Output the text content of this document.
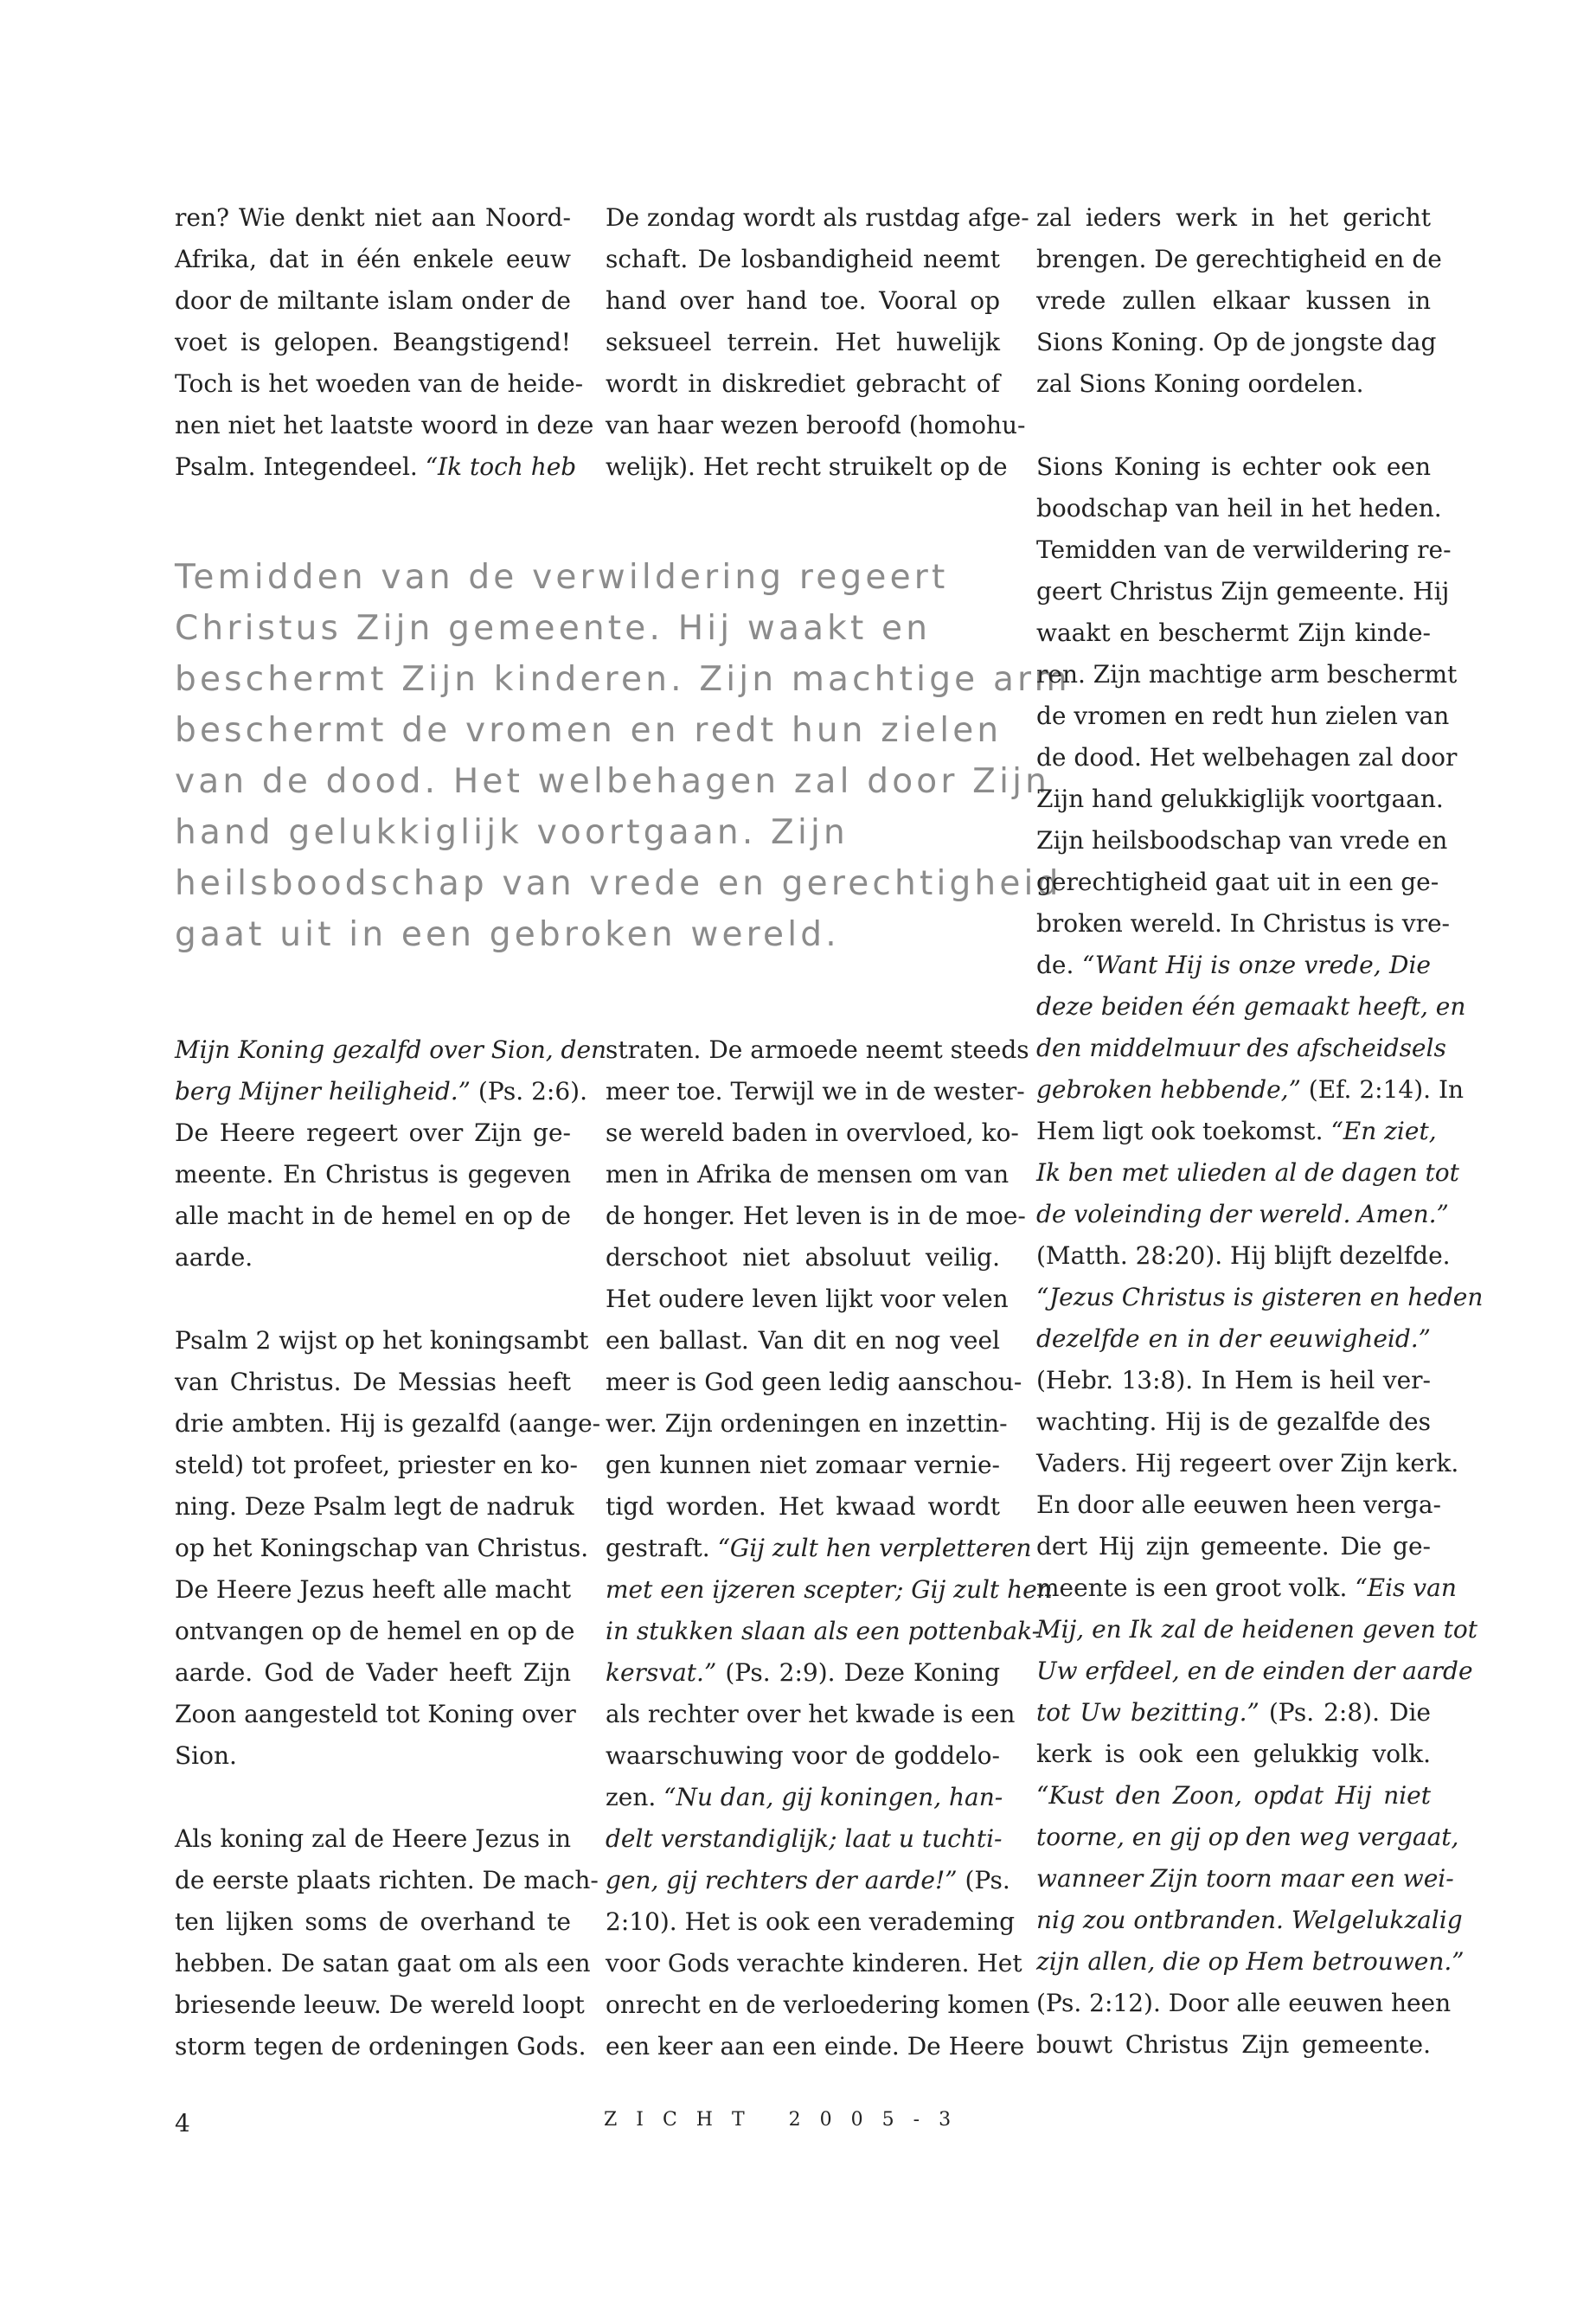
ren? Wie denkt niet aan Noord-
Afrika, dat in één enkele eeuw
door de miltante islam onder de
voet is gelopen. Beangstigend!
Toch is het woeden van de heide-
nen niet het laatste woord in deze
Psalm. Integendeel. “Ik toch heb

De zondag wordt als rustdag afge-
schaft. De losbandigheid neemt
hand over hand toe. Vooral op
seksueel terrein. Het huwelijk
wordt in diskrediet gebracht of
van haar wezen beroofd (homohu-
welijk). Het recht struikelt op de

Temidden van de verwildering regeert
Christus Zijn gemeente. Hij waakt en
beschermt Zijn kinderen. Zijn machtige arm
beschermt de vromen en redt hun zielen
van de dood. Het welbehagen zal door Zijn
hand gelukkiglijk voortgaan. Zijn
heilsboodschap van vrede en gerechtigheid
gaat uit in een gebroken wereld.

Mijn Koning gezalfd over Sion, den
berg Mijner heiligheid.” (Ps. 2:6).
De Heere regeert over Zijn ge-
meente. En Christus is gegeven
alle macht in de hemel en op de
aarde.

Psalm 2 wijst op het koningsambt
van Christus. De Messias heeft
drie ambten. Hij is gezalfd (aange-
steld) tot profeet, priester en ko-
ning. Deze Psalm legt de nadruk
op het Koningschap van Christus.
De Heere Jezus heeft alle macht
ontvangen op de hemel en op de
aarde. God de Vader heeft Zijn
Zoon aangesteld tot Koning over
Sion.

Als koning zal de Heere Jezus in
de eerste plaats richten. De mach-
ten lijken soms de overhand te
hebben. De satan gaat om als een
briesende leeuw. De wereld loopt
storm tegen de ordeningen Gods.

straten. De armoede neemt steeds
meer toe. Terwijl we in de wester-
se wereld baden in overvloed, ko-
men in Afrika de mensen om van
de honger. Het leven is in de moe-
derschoot niet absoluut veilig.
Het oudere leven lijkt voor velen
een ballast. Van dit en nog veel
meer is God geen ledig aanschou-
wer. Zijn ordeningen en inzettin-
gen kunnen niet zomaar vernie-
tigd worden. Het kwaad wordt
gestraft. “Gij zult hen verpletteren
met een ijzeren scepter; Gij zult hen
in stukken slaan als een pottenbak-
kersvat.” (Ps. 2:9). Deze Koning
als rechter over het kwade is een
waarschuwing voor de goddelo-
zen. “Nu dan, gij koningen, han-
delt verstandiglijk; laat u tuchti-
gen, gij rechters der aarde!” (Ps.
2:10). Het is ook een verademing
voor Gods verachte kinderen. Het
onrecht en de verloedering komen
een keer aan een einde. De Heere

zal ieders werk in het gericht
brengen. De gerechtigheid en de
vrede zullen elkaar kussen in
Sions Koning. Op de jongste dag
zal Sions Koning oordelen.

Sions Koning is echter ook een
boodschap van heil in het heden.
Temidden van de verwildering re-
geert Christus Zijn gemeente. Hij
waakt en beschermt Zijn kinde-
ren. Zijn machtige arm beschermt
de vromen en redt hun zielen van
de dood. Het welbehagen zal door
Zijn hand gelukkiglijk voortgaan.
Zijn heilsboodschap van vrede en
gerechtigheid gaat uit in een ge-
broken wereld. In Christus is vre-
de. “Want Hij is onze vrede, Die
deze beiden één gemaakt heeft, en
den middelmuur des afscheidsels
gebroken hebbende,” (Ef. 2:14). In
Hem ligt ook toekomst. “En ziet,
Ik ben met ulieden al de dagen tot
de voleinding der wereld. Amen.”
(Matth. 28:20). Hij blijft dezelfde.
“Jezus Christus is gisteren en heden
dezelfde en in der eeuwigheid.”
(Hebr. 13:8). In Hem is heil ver-
wachting. Hij is de gezalfde des
Vaders. Hij regeert over Zijn kerk.
En door alle eeuwen heen verga-
dert Hij zijn gemeente. Die ge-
meente is een groot volk. “Eis van
Mij, en Ik zal de heidenen geven tot
Uw erfdeel, en de einden der aarde
tot Uw bezitting.” (Ps. 2:8). Die
kerk is ook een gelukkig volk.
“Kust den Zoon, opdat Hij niet
toorne, en gij op den weg vergaat,
wanneer Zijn toorn maar een wei-
nig zou ontbranden. Welgelukzalig
zijn allen, die op Hem betrouwen.”
(Ps. 2:12). Door alle eeuwen heen
bouwt Christus Zijn gemeente.

4	ZICHT 2005-3
